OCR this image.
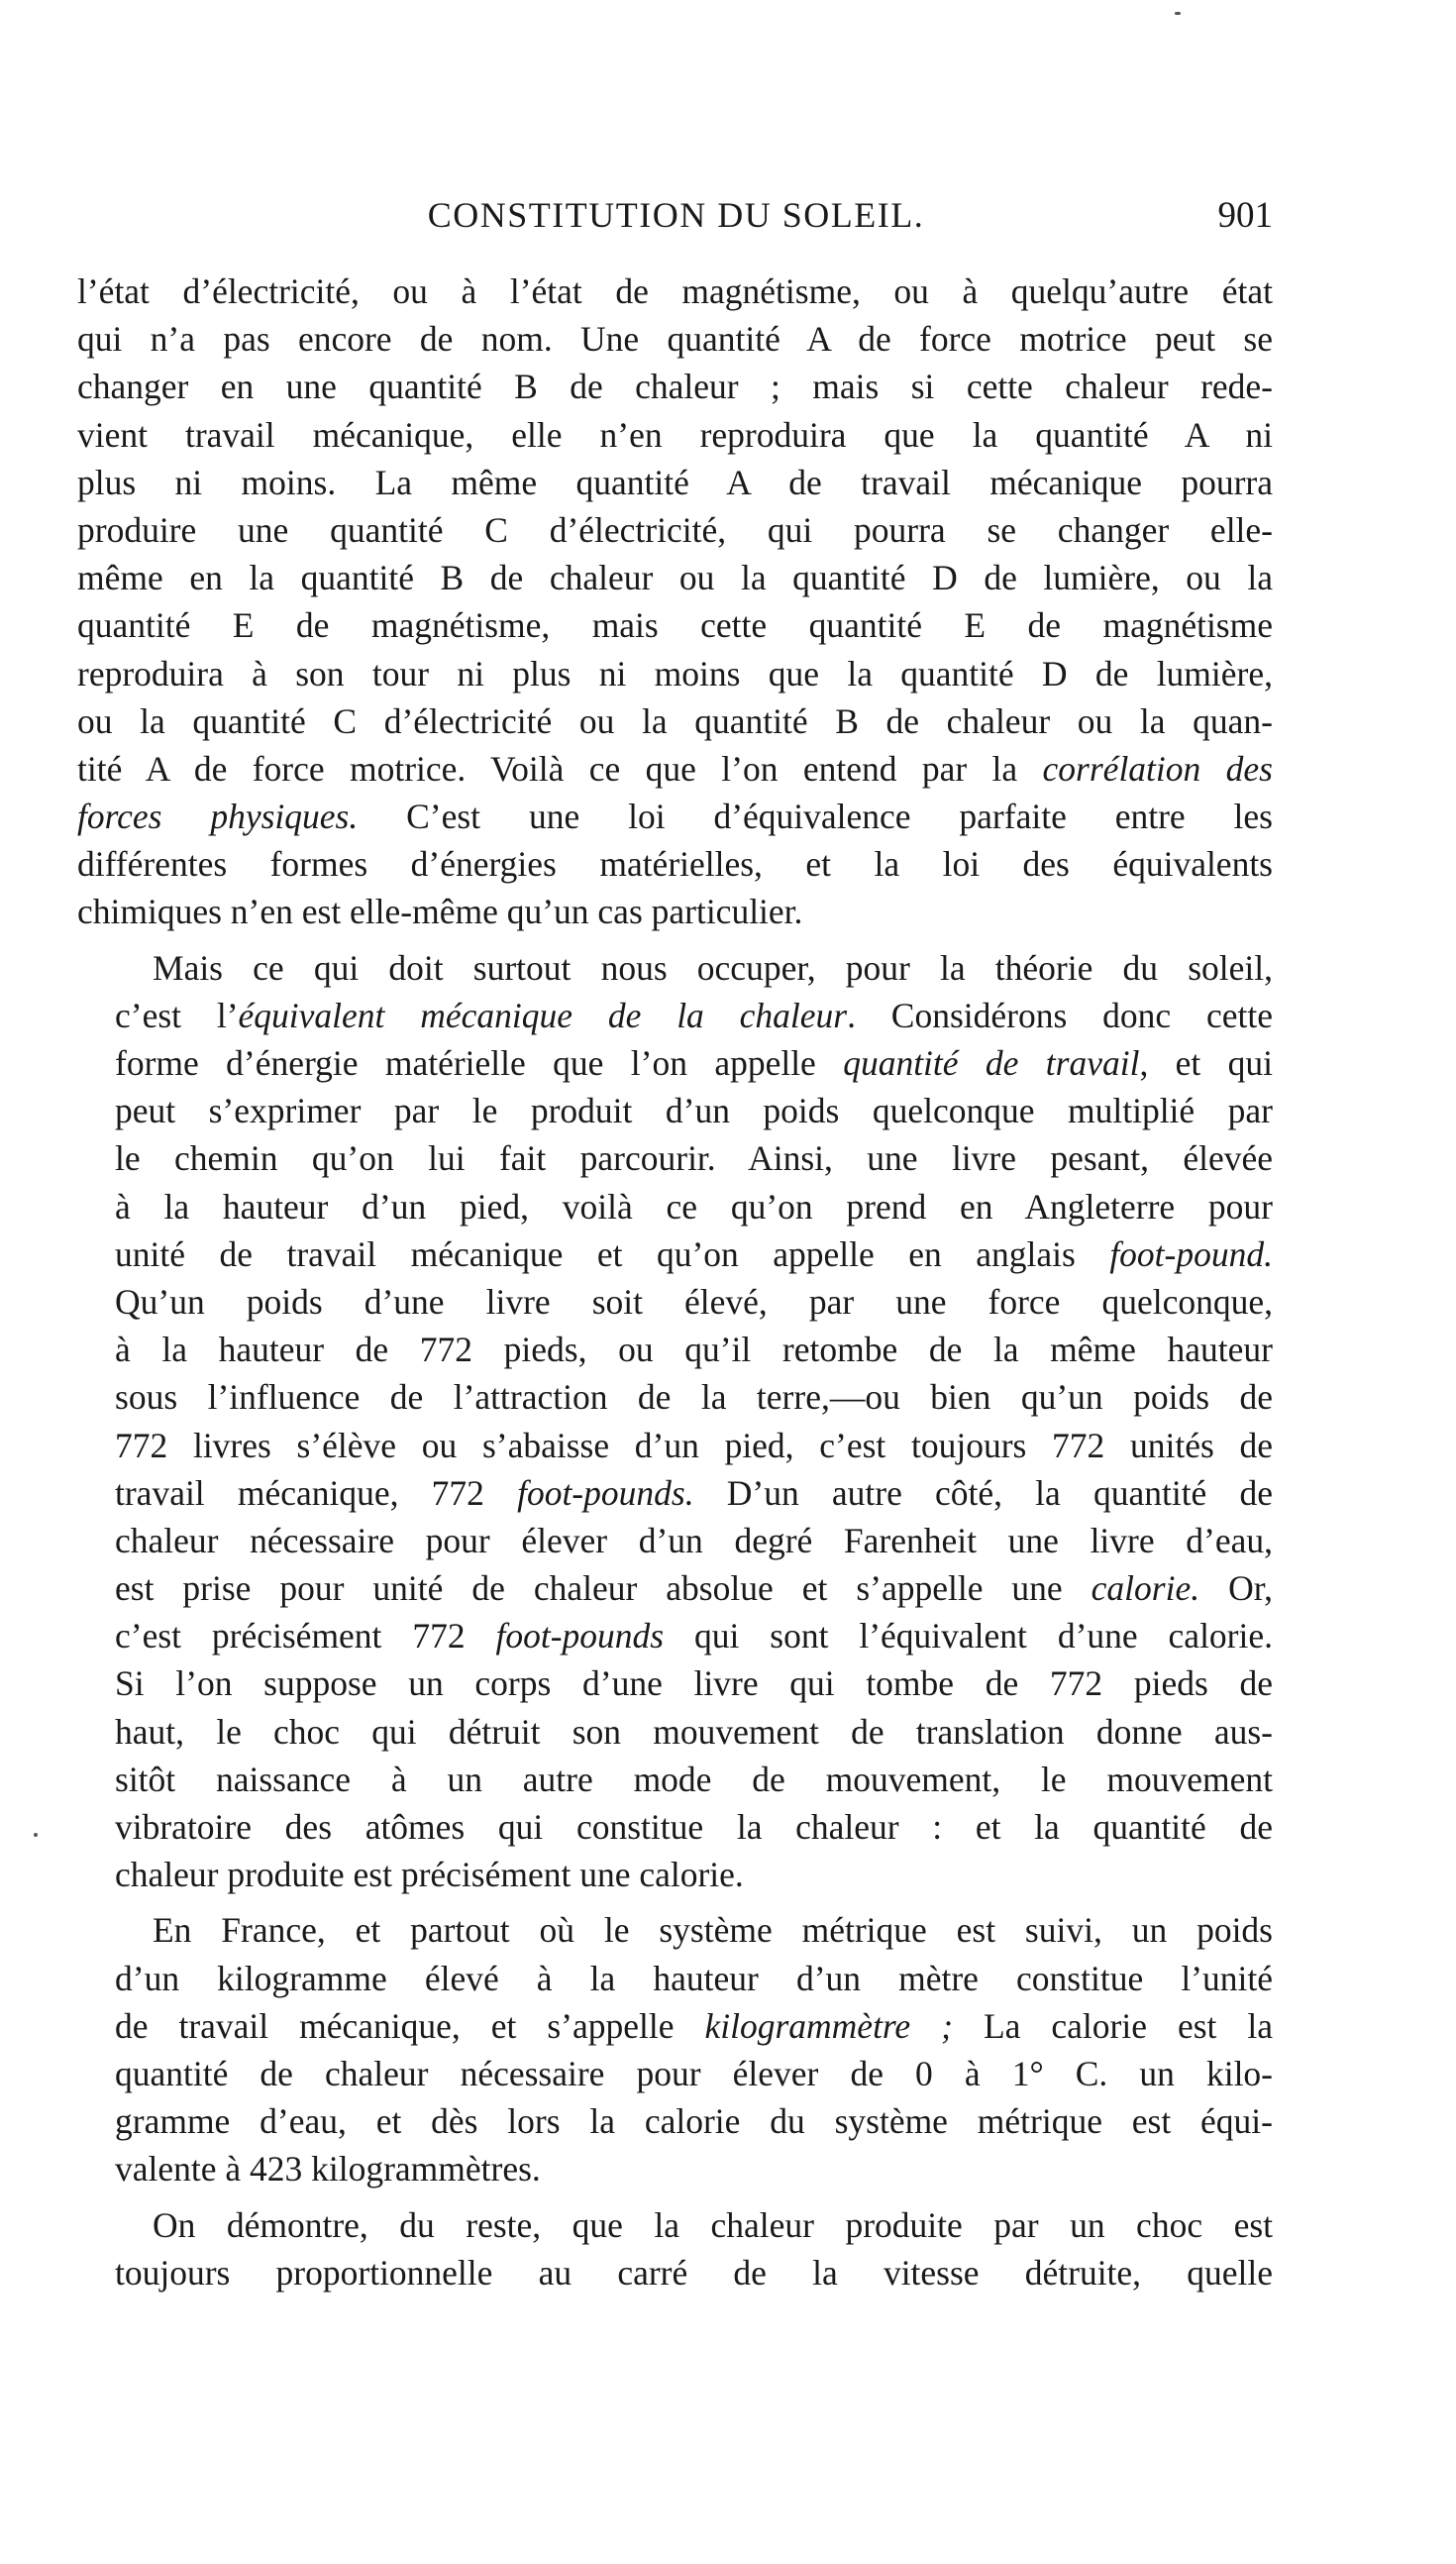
CONSTITUTION DU SOLEIL.	901
l’état d’électricité, ou à l’état de magnétisme, ou à quelqu’autre état
qui n’a pas encore de nom. Une quantité A de force motrice peut se
changer en une quantité B de chaleur ; mais si cette chaleur rede-
vient travail mécanique, elle n’en reproduira que la quantité A ni
plus ni moins. La même quantité A de travail mécanique pourra
produire une quantité C d’électricité, qui pourra se changer elle-
même en la quantité B de chaleur ou la quantité D de lumière, ou la
quantité E de magnétisme, mais cette quantité E de magnétisme
reproduira à son tour ni plus ni moins que la quantité D de lumière,
ou la quantité C d’électricité ou la quantité B de chaleur ou la quan-
tité A de force motrice. Voilà ce que l’on entend par la corrélation des
forces physiques. C’est une loi d’équivalence parfaite entre les
différentes formes d’énergies matérielles, et la loi des équivalents
chimiques n’en est elle-même qu’un cas particulier.
Mais ce qui doit surtout nous occuper, pour la théorie du soleil,
c’est l’équivalent mécanique de la chaleur. Considérons donc cette
forme d’énergie matérielle que l’on appelle quantité de travail, et qui
peut s’exprimer par le produit d’un poids quelconque multiplié par
le chemin qu’on lui fait parcourir. Ainsi, une livre pesant, élevée
à la hauteur d’un pied, voilà ce qu’on prend en Angleterre pour
unité de travail mécanique et qu’on appelle en anglais foot-pound.
Qu’un poids d’une livre soit élevé, par une force quelconque,
à la hauteur de 772 pieds, ou qu’il retombe de la même hauteur
sous l’influence de l’attraction de la terre,—ou bien qu’un poids de
772 livres s’élève ou s’abaisse d’un pied, c’est toujours 772 unités de
travail mécanique, 772 foot-pounds. D’un autre côté, la quantité de
chaleur nécessaire pour élever d’un degré Farenheit une livre d’eau,
est prise pour unité de chaleur absolue et s’appelle une calorie. Or,
c’est précisément 772 foot-pounds qui sont l’équivalent d’une calorie.
Si l’on suppose un corps d’une livre qui tombe de 772 pieds de
haut, le choc qui détruit son mouvement de translation donne aus-
sitôt naissance à un autre mode de mouvement, le mouvement
vibratoire des atômes qui constitue la chaleur : et la quantité de
chaleur produite est précisément une calorie.
En France, et partout où le système métrique est suivi, un poids
d’un kilogramme élevé à la hauteur d’un mètre constitue l’unité
de travail mécanique, et s’appelle kilogrammètre ; La calorie est la
quantité de chaleur nécessaire pour élever de 0 à 1° C. un kilo-
gramme d’eau, et dès lors la calorie du système métrique est équi-
valente à 423 kilogrammètres.
On démontre, du reste, que la chaleur produite par un choc est
toujours proportionnelle au carré de la vitesse détruite, quelle
